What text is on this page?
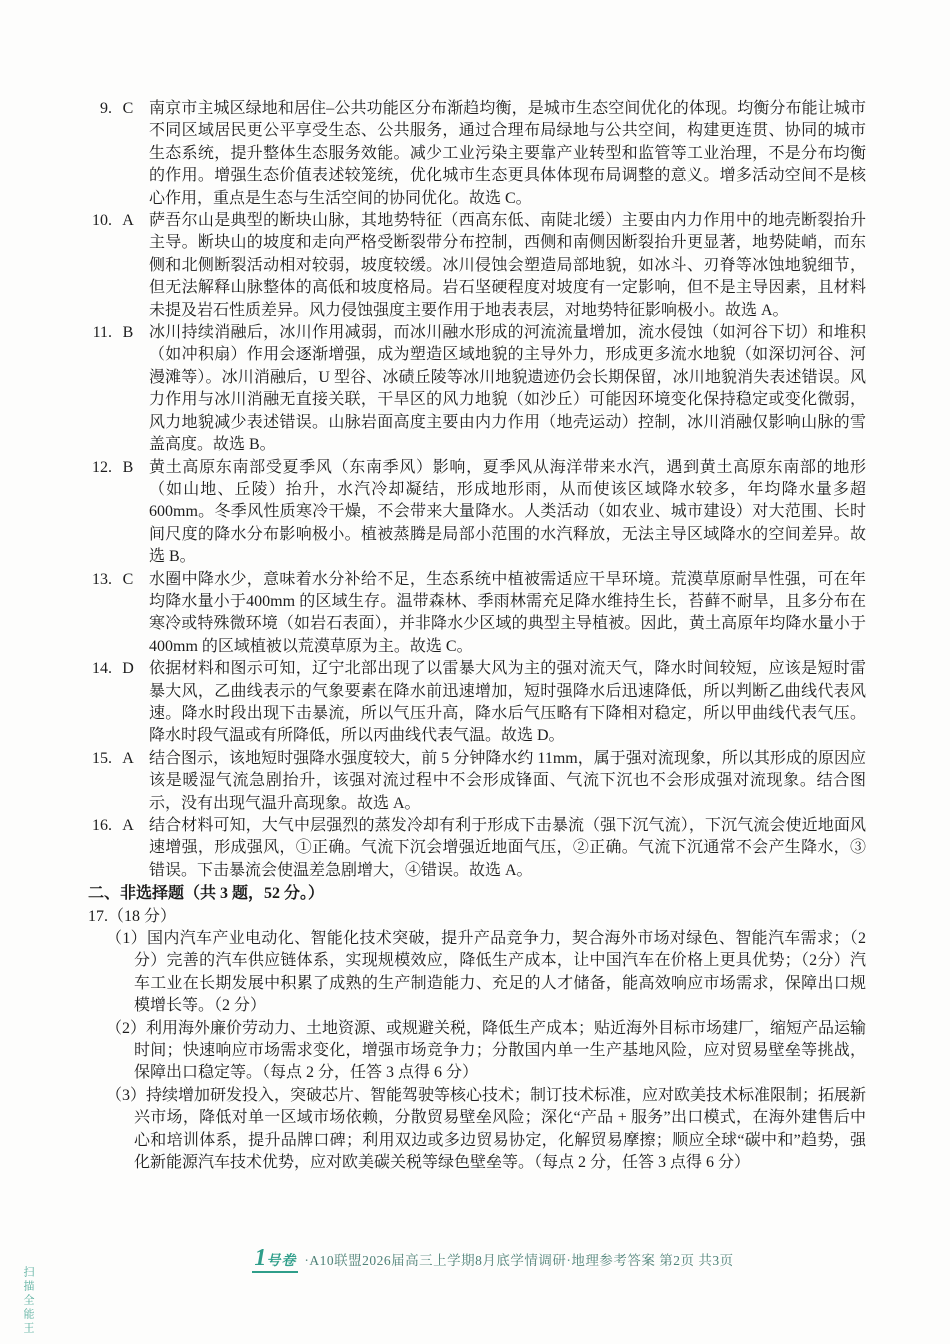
9. C 南京市主城区绿地和居住–公共功能区分布渐趋均衡，是城市生态空间优化的体现。均衡分布能让城市不同区域居民更公平享受生态、公共服务，通过合理布局绿地与公共空间，构建更连贯、协同的城市生态系统，提升整体生态服务效能。减少工业污染主要靠产业转型和监管等工业治理，不是分布均衡的作用。增强生态价值表述较笼统，优化城市生态更具体体现布局调整的意义。增多活动空间不是核心作用，重点是生态与生活空间的协同优化。故选 C。
10. A 萨吾尔山是典型的断块山脉，其地势特征（西高东低、南陡北缓）主要由内力作用中的地壳断裂抬升主导。断块山的坡度和走向严格受断裂带分布控制，西侧和南侧因断裂抬升更显著，地势陡峭，而东侧和北侧断裂活动相对较弱，坡度较缓。冰川侵蚀会塑造局部地貌，如冰斗、刃脊等冰蚀地貌细节，但无法解释山脉整体的高低和坡度格局。岩石坚硬程度对坡度有一定影响，但不是主导因素，且材料未提及岩石性质差异。风力侵蚀强度主要作用于地表表层，对地势特征影响极小。故选 A。
11. B 冰川持续消融后，冰川作用减弱，而冰川融水形成的河流流量增加，流水侵蚀（如河谷下切）和堆积（如冲积扇）作用会逐渐增强，成为塑造区域地貌的主导外力，形成更多流水地貌（如深切河谷、河漫滩等）。冰川消融后，U 型谷、冰碛丘陵等冰川地貌遗迹仍会长期保留，冰川地貌消失表述错误。风力作用与冰川消融无直接关联，干旱区的风力地貌（如沙丘）可能因环境变化保持稳定或变化微弱，风力地貌减少表述错误。山脉岩面高度主要由内力作用（地壳运动）控制，冰川消融仅影响山脉的雪盖高度。故选 B。
12. B 黄土高原东南部受夏季风（东南季风）影响，夏季风从海洋带来水汽，遇到黄土高原东南部的地形（如山地、丘陵）抬升，水汽冷却凝结，形成地形雨，从而使该区域降水较多，年均降水量多超 600mm。冬季风性质寒冷干燥，不会带来大量降水。人类活动（如农业、城市建设）对大范围、长时间尺度的降水分布影响极小。植被蒸腾是局部小范围的水汽释放，无法主导区域降水的空间差异。故选 B。
13. C 水圈中降水少，意味着水分补给不足，生态系统中植被需适应干旱环境。荒漠草原耐旱性强，可在年均降水量小于400mm 的区域生存。温带森林、季雨林需充足降水维持生长，苔藓不耐旱，且多分布在寒冷或特殊微环境（如岩石表面），并非降水少区域的典型主导植被。因此，黄土高原年均降水量小于400mm 的区域植被以荒漠草原为主。故选 C。
14. D 依据材料和图示可知，辽宁北部出现了以雷暴大风为主的强对流天气，降水时间较短，应该是短时雷暴大风，乙曲线表示的气象要素在降水前迅速增加，短时强降水后迅速降低，所以判断乙曲线代表风速。降水时段出现下击暴流，所以气压升高，降水后气压略有下降相对稳定，所以甲曲线代表气压。降水时段气温或有所降低，所以丙曲线代表气温。故选 D。
15. A 结合图示，该地短时强降水强度较大，前 5 分钟降水约 11mm，属于强对流现象，所以其形成的原因应该是暖湿气流急剧抬升，该强对流过程中不会形成锋面、气流下沉也不会形成强对流现象。结合图示，没有出现气温升高现象。故选 A。
16. A 结合材料可知，大气中层强烈的蒸发冷却有利于形成下击暴流（强下沉气流），下沉气流会使近地面风速增强，形成强风，①正确。气流下沉会增强近地面气压，②正确。气流下沉通常不会产生降水，③错误。下击暴流会使温差急剧增大，④错误。故选 A。
二、非选择题（共 3 题，52 分。）
17.（18 分）
（1）国内汽车产业电动化、智能化技术突破，提升产品竞争力，契合海外市场对绿色、智能汽车需求；（2分）完善的汽车供应链体系，实现规模效应，降低生产成本，让中国汽车在价格上更具优势；（2分）汽车工业在长期发展中积累了成熟的生产制造能力、充足的人才储备，能高效响应市场需求，保障出口规模增长等。（2 分）
（2）利用海外廉价劳动力、土地资源、或规避关税，降低生产成本；贴近海外目标市场建厂，缩短产品运输时间；快速响应市场需求变化，增强市场竞争力；分散国内单一生产基地风险，应对贸易壁垒等挑战，保障出口稳定等。（每点 2 分，任答 3 点得 6 分）
（3）持续增加研发投入，突破芯片、智能驾驶等核心技术；制订技术标准，应对欧美技术标准限制；拓展新兴市场，降低对单一区域市场依赖，分散贸易壁垒风险；深化“产品 + 服务”出口模式，在海外建售后中心和培训体系，提升品牌口碑；利用双边或多边贸易协定，化解贸易摩擦；顺应全球“碳中和”趋势，强化新能源汽车技术优势，应对欧美碳关税等绿色壁垒等。（每点 2 分，任答 3 点得 6 分）
1号卷 ·A10联盟2026届高三上学期8月底学情调研·地理参考答案 第2页 共3页
扫描全能王
